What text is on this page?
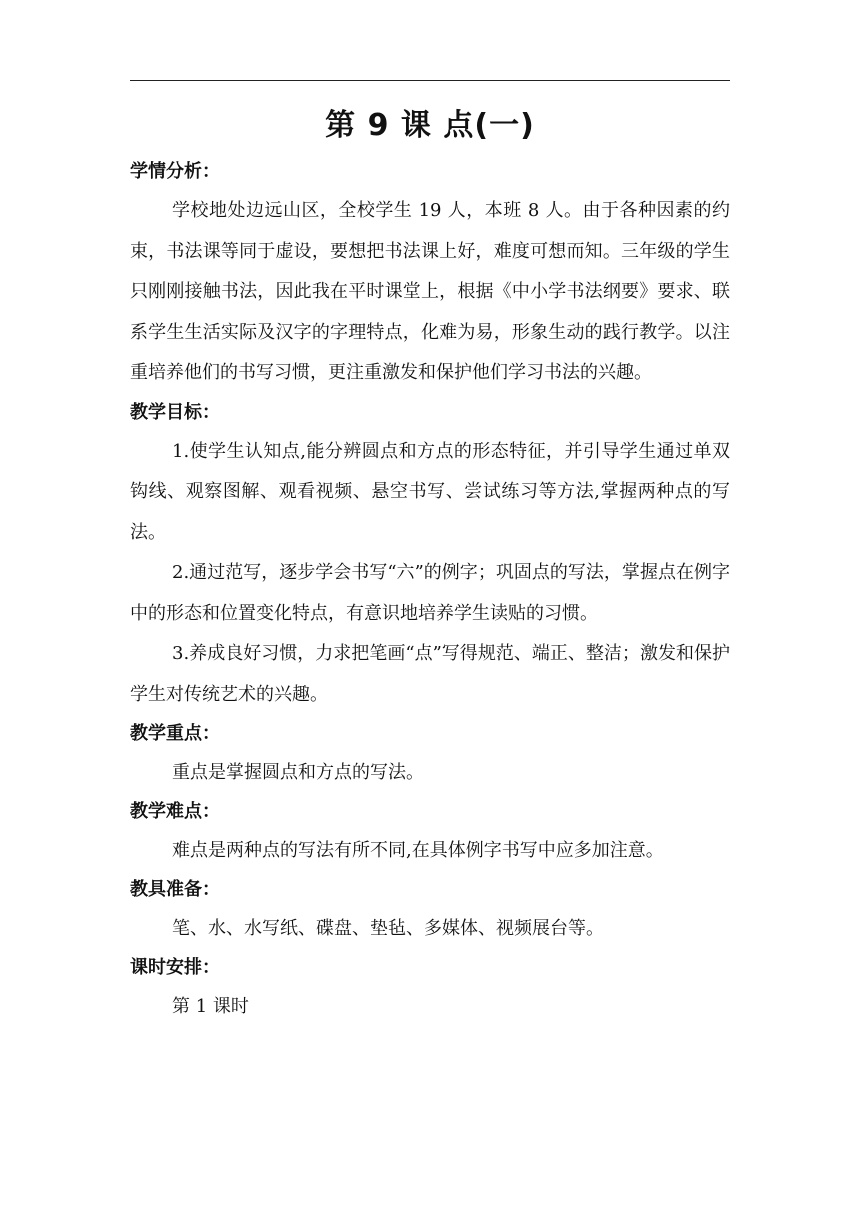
第 9 课 点(一)
学情分析：

学校地处边远山区，全校学生 19 人，本班 8 人。由于各种因素的约束，书法课等同于虚设，要想把书法课上好，难度可想而知。三年级的学生只刚刚接触书法，因此我在平时课堂上，根据《中小学书法纲要》要求、联系学生生活实际及汉字的字理特点，化难为易，形象生动的践行教学。以注重培养他们的书写习惯，更注重激发和保护他们学习书法的兴趣。

教学目标：

1.使学生认知点,能分辨圆点和方点的形态特征，并引导学生通过单双钩线、观察图解、观看视频、悬空书写、尝试练习等方法,掌握两种点的写法。

2.通过范写，逐步学会书写“六”的例字；巩固点的写法，掌握点在例字中的形态和位置变化特点，有意识地培养学生读贴的习惯。

3.养成良好习惯，力求把笔画“点”写得规范、端正、整洁；激发和保护学生对传统艺术的兴趣。

教学重点：

重点是掌握圆点和方点的写法。

教学难点：

难点是两种点的写法有所不同,在具体例字书写中应多加注意。

教具准备：

笔、水、水写纸、碟盘、垫毡、多媒体、视频展台等。

课时安排：

第 1 课时
